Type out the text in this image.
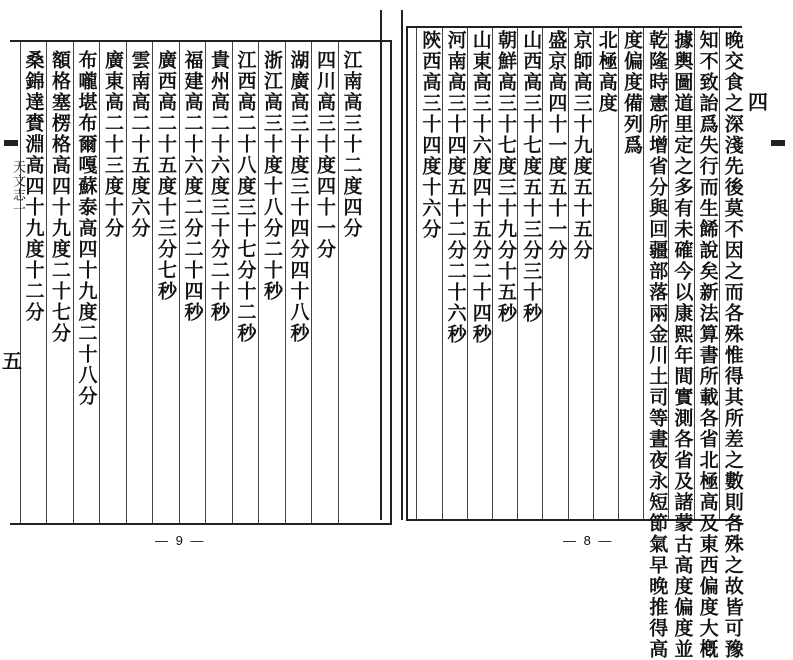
江南高三十二度四分
四川高三十度四十一分
湖廣高三十度三十四分四十八秒
浙江高三十度十八分二十秒
江西高二十八度三十七分十二秒
貴州高二十六度三十分二十秒
福建高二十六度二分二十四秒
廣西高二十五度十三分七秒
雲南高二十五度六分
廣東高二十三度十分
布嚨堪布爾嘎蘇泰高四十九度二十八分
額格塞楞格高四十九度二十七分
桑錦達賚淵高四十九度十二分
天文志一
五
— 9 —	晚交食之深淺先後莫不因之而各殊惟得其所差之數則各殊之故皆可豫
知不致詒爲失行而生餙說矣新法算書所載各省北極高及東西偏度大槪
據輿圖道里定之多有未確今以康熙年間實測各省及諸蒙古高度偏度並
乾隆時憲所增省分與回疆部落兩金川土司等晝夜永短節氣早晚推得高
度偏度備列爲
北極高度
京師高三十九度五十五分
盛京高四十一度五十一分
山西高三十七度五十三分三十秒
朝鮮高三十七度三十九分十五秒
山東高三十六度四十五分二十四秒
河南高三十四度五十二分二十六秒
陝西高三十四度十六分	四
— 8 —
